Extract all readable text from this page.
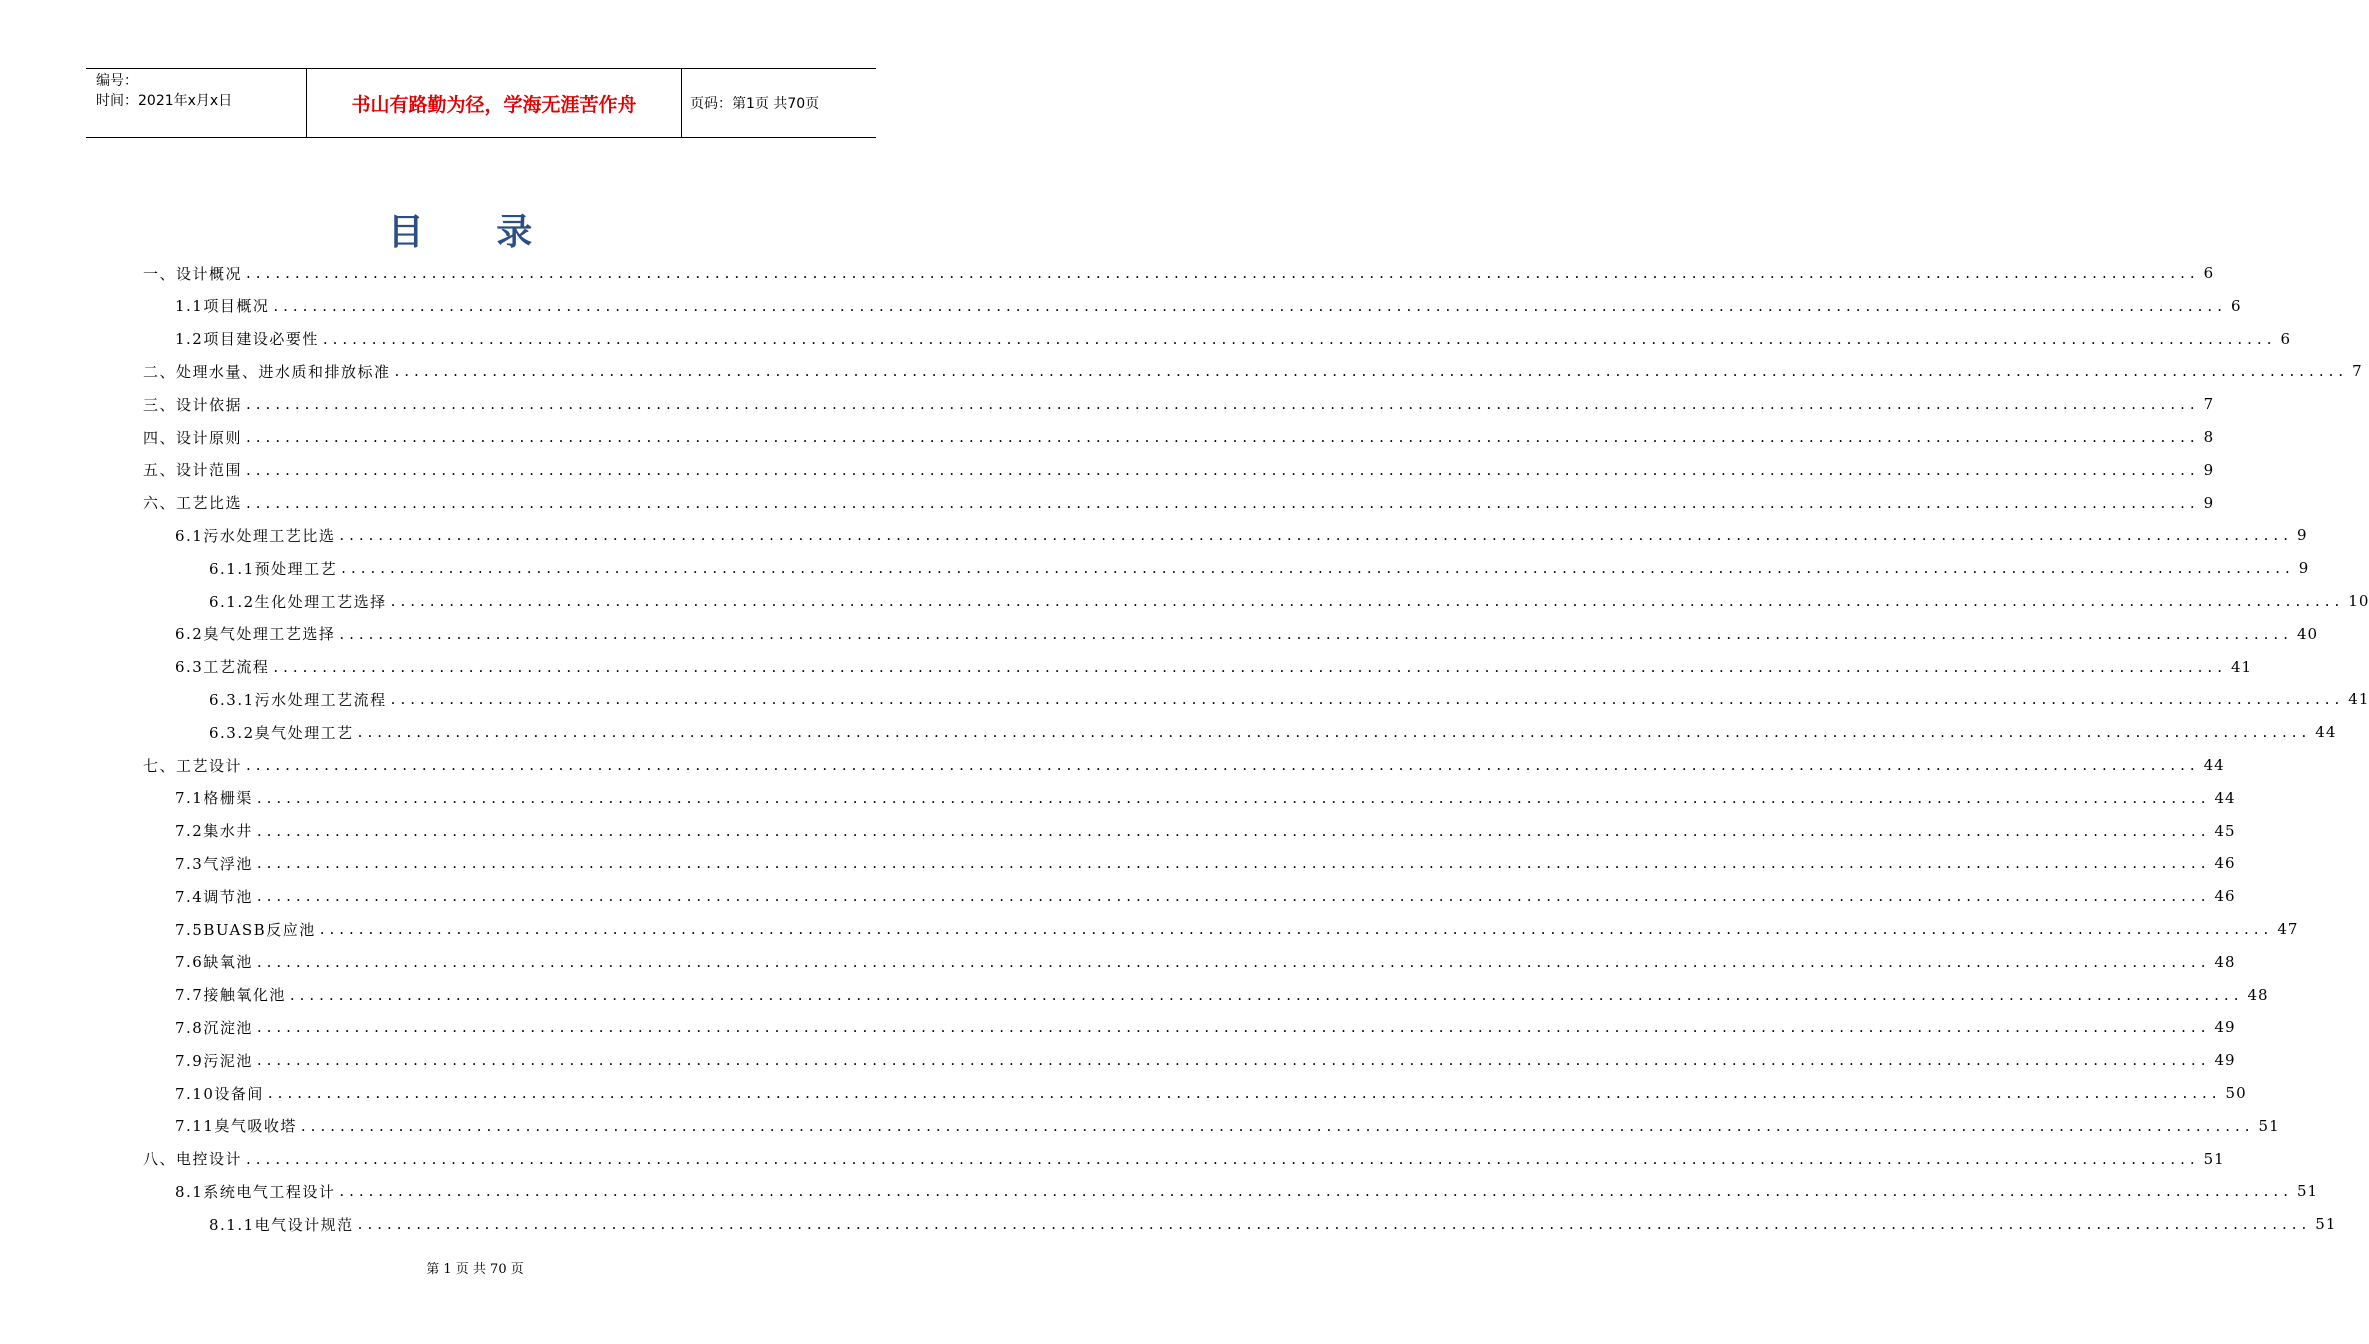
编号：
时间：2021年x月x日	书山有路勤为径，学海无涯苦作舟	页码：第1页 共70页
目 录
一、设计概况 ........................................................................................................................................................................................................ 6
1.1项目概况 ........................................................................................................................................................................................................ 6
1.2项目建设必要性 ........................................................................................................................................................................................................ 6
二、处理水量、进水质和排放标准 ........................................................................................................................................................................................................ 7
三、设计依据 ........................................................................................................................................................................................................ 7
四、设计原则 ........................................................................................................................................................................................................ 8
五、设计范围 ........................................................................................................................................................................................................ 9
六、工艺比选 ........................................................................................................................................................................................................ 9
6.1污水处理工艺比选 ........................................................................................................................................................................................................ 9
6.1.1预处理工艺 ........................................................................................................................................................................................................ 9
6.1.2生化处理工艺选择 ........................................................................................................................................................................................................ 10
6.2臭气处理工艺选择 ........................................................................................................................................................................................................ 40
6.3工艺流程 ........................................................................................................................................................................................................ 41
6.3.1污水处理工艺流程 ........................................................................................................................................................................................................ 41
6.3.2臭气处理工艺 ........................................................................................................................................................................................................ 44
七、工艺设计 ........................................................................................................................................................................................................ 44
7.1格栅渠 ........................................................................................................................................................................................................ 44
7.2集水井 ........................................................................................................................................................................................................ 45
7.3气浮池 ........................................................................................................................................................................................................ 46
7.4调节池 ........................................................................................................................................................................................................ 46
7.5BUASB反应池 ........................................................................................................................................................................................................ 47
7.6缺氧池 ........................................................................................................................................................................................................ 48
7.7接触氧化池 ........................................................................................................................................................................................................ 48
7.8沉淀池 ........................................................................................................................................................................................................ 49
7.9污泥池 ........................................................................................................................................................................................................ 49
7.10设备间 ........................................................................................................................................................................................................ 50
7.11臭气吸收塔 ........................................................................................................................................................................................................ 51
八、电控设计 ........................................................................................................................................................................................................ 51
8.1系统电气工程设计 ........................................................................................................................................................................................................ 51
8.1.1电气设计规范 ........................................................................................................................................................................................................ 51
第 1 页 共 70 页
